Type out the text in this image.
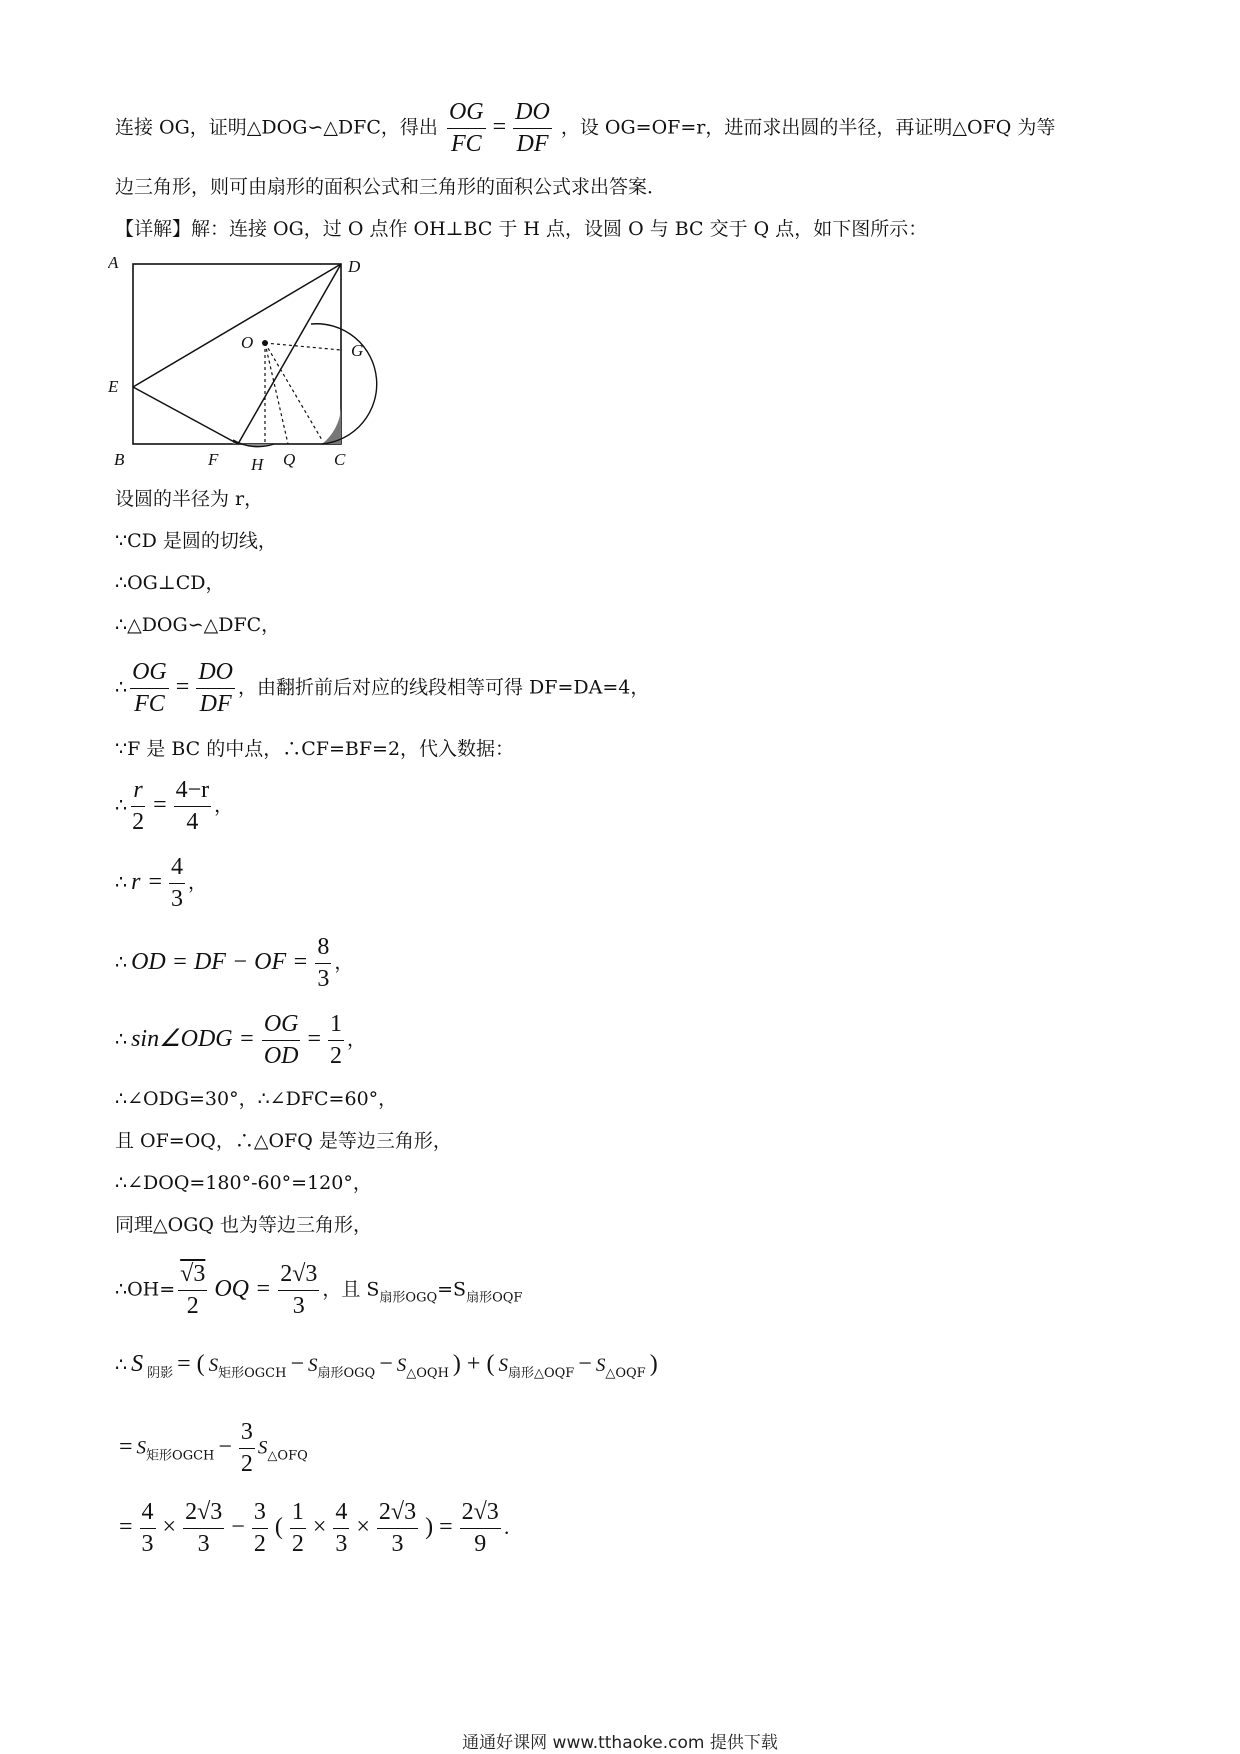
连接 OG，证明△DOG∽△DFC，得出 $\frac{OG}{FC} = \frac{DO}{DF}$ ，设 OG=OF=r，进而求出圆的半径，再证明△OFQ 为等
边三角形，则可由扇形的面积公式和三角形的面积公式求出答案．
【详解】解：连接 OG，过 O 点作 OH⊥BC 于 H 点，设圆 O 与 BC 交于 Q 点，如下图所示：
A	D
E
O	G
B	F H Q C
设圆的半径为 r，
∵CD 是圆的切线，
∴OG⊥CD，
∴△DOG∽△DFC，
∴ $\frac{OG}{FC} = \frac{DO}{DF}$ ，由翻折前后对应的线段相等可得 DF=DA=4，
∵F 是 BC 的中点，∴CF=BF=2，代入数据：
∴ $\frac{r}{2} = \frac{4-r}{4}$ ，
∴ $r = \frac{4}{3}$ ，
∴ OD = DF − OF = $\frac{8}{3}$ ，
∴ sin∠ODG = $\frac{OG}{OD} = \frac{1}{2}$ ，
∴∠ODG=30°，∴∠DFC=60°，
且 OF=OQ，∴△OFQ 是等边三角形，
∴∠DOQ=180°-60°=120°，
同理△OGQ 也为等边三角形，
∴OH= $\frac{√3}{2}$ OQ = $\frac{2√3}{3}$ ，且 $S_{扇形OGQ}=S_{扇形OQF}$
∴ S $_{阴影}$ = ( $S_{矩形OGCH} - S_{扇形OGQ} - S_{\triangle OQH}$ ) + ( $S_{扇形\triangle OQF} - S_{\triangle OQF}$ )
= $S_{矩形OGCH} - \frac{3}{2} S_{\triangle OFQ}$
= $\frac{4}{3} \times \frac{2√3}{3} - \frac{3}{2}$ ( $\frac{1}{2} \times \frac{4}{3} \times \frac{2√3}{3}$ ) = $\frac{2√3}{9}$ ．
通通好课网 www.tthaoke.com 提供下载
